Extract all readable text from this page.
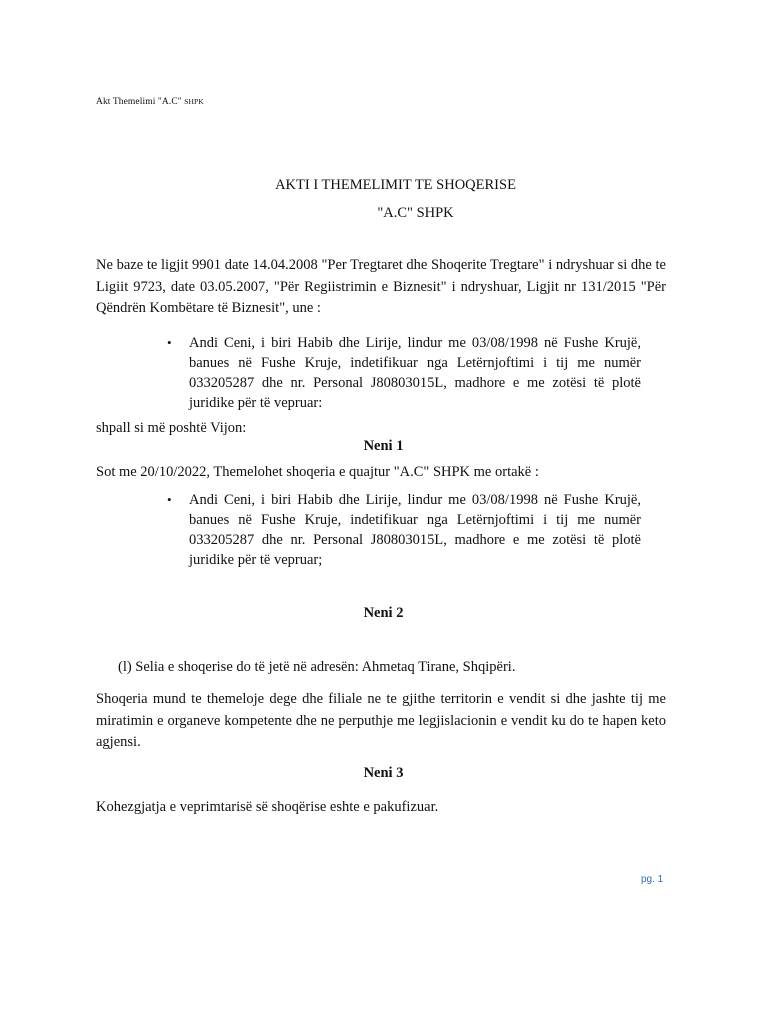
Akt Themelimi "A.C" SHPK
AKTI I THEMELIMIT TE SHOQERISE
"A.C" SHPK

Ne baze te ligjit 9901 date 14.04.2008 "Per Tregtaret dhe Shoqerite Tregtare" i ndryshuar si dhe te Ligiit 9723, date 03.05.2007, "Për Regiistrimin e Biznesit" i ndryshuar, Ligjit nr 131/2015 "Për Qëndrën Kombëtare të Biznesit", une :

• Andi Ceni, i biri Habib dhe Lirije, lindur me 03/08/1998 në Fushe Krujë, banues në Fushe Kruje, indetifikuar nga Letërnjoftimi i tij me numër 033205287 dhe nr. Personal J80803015L, madhore e me zotësi të plotë juridike për të vepruar:

shpall si më poshtë Vijon:

Neni 1

Sot me 20/10/2022, Themelohet shoqeria e quajtur "A.C" SHPK me ortakë :

• Andi Ceni, i biri Habib dhe Lirije, lindur me 03/08/1998 në Fushe Krujë, banues në Fushe Kruje, indetifikuar nga Letërnjoftimi i tij me numër 033205287 dhe nr. Personal J80803015L, madhore e me zotësi të plotë juridike për të vepruar;
Neni 2

(l) Selia e shoqerise do të jetë në adresën: Ahmetaq Tirane, Shqipëri.

Shoqeria mund te themeloje dege dhe filiale ne te gjithe territorin e vendit si dhe jashte tij me miratimin e organeve kompetente dhe ne perputhje me legjislacionin e vendit ku do te hapen keto agjensi.

Neni 3

Kohezgjatja e veprimtarisë së shoqërise eshte e pakufizuar.

pg. 1
